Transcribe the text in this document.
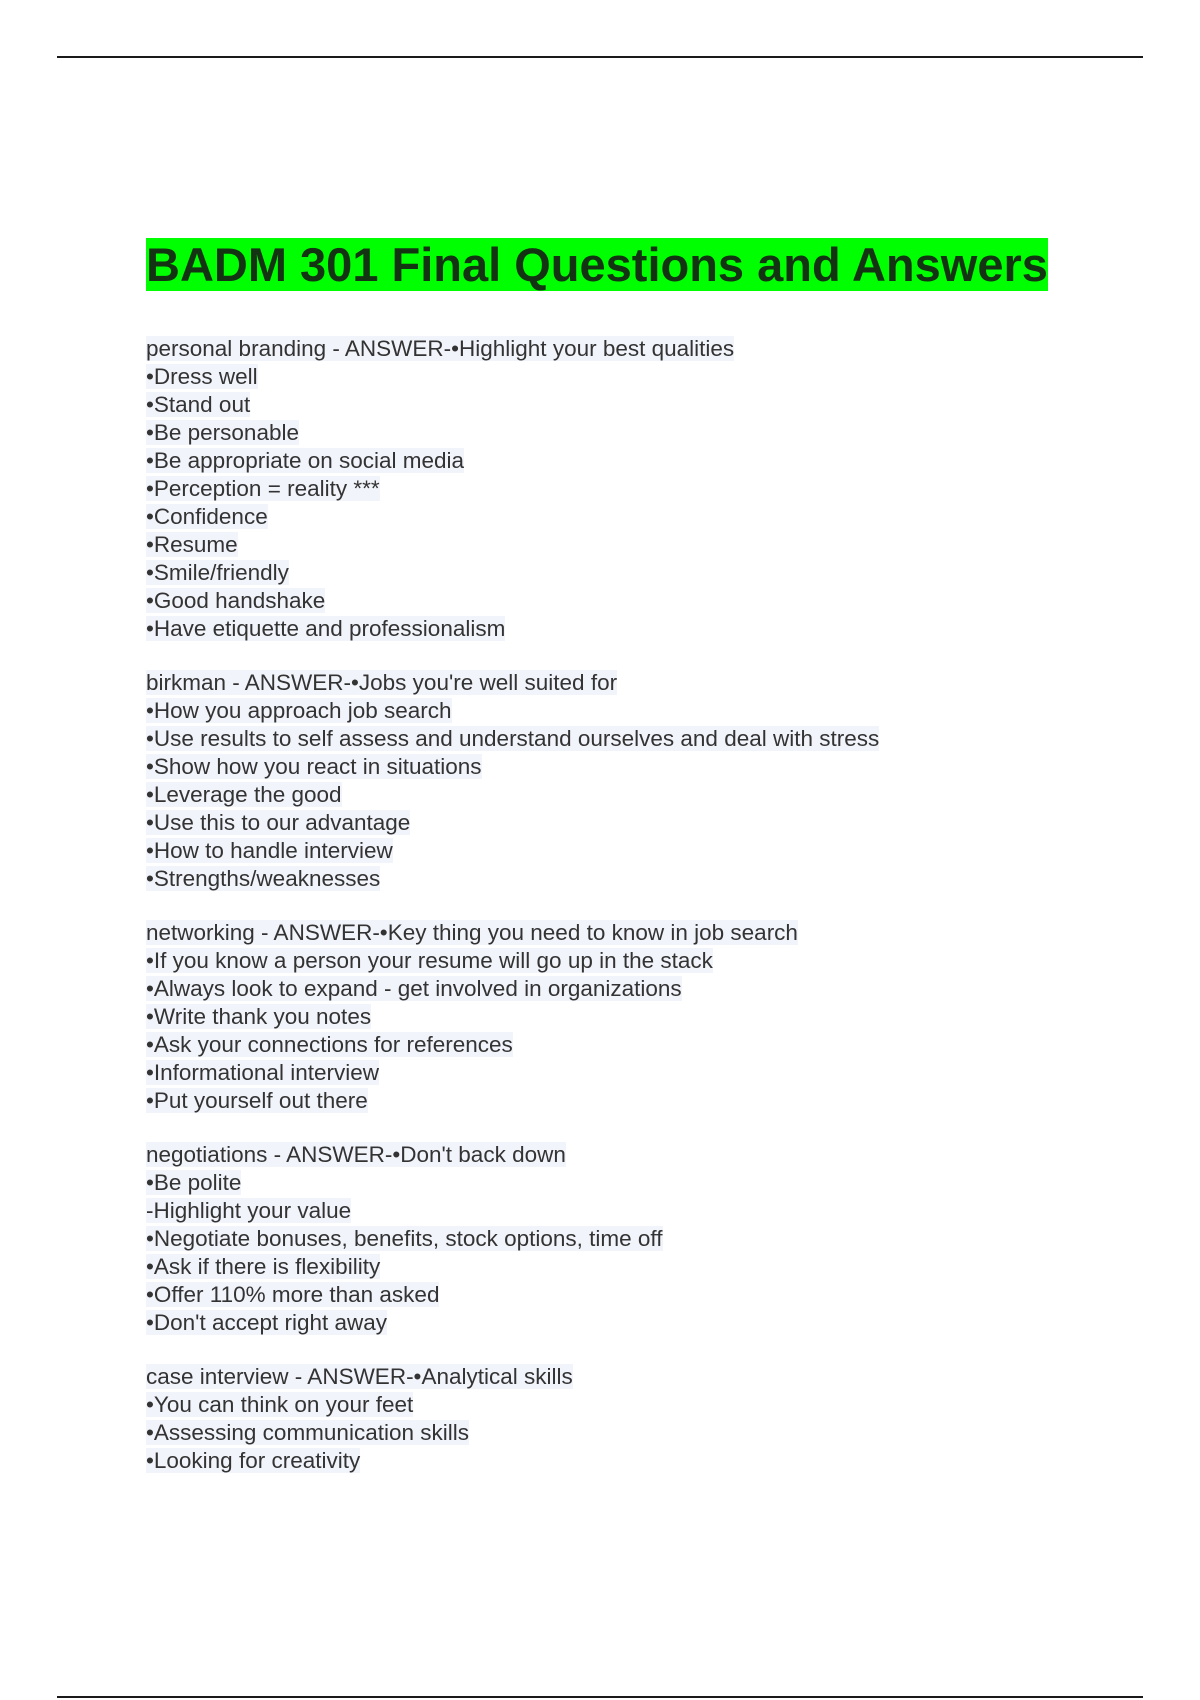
BADM 301 Final Questions and Answers
personal branding - ANSWER-•Highlight your best qualities
•Dress well
•Stand out
•Be personable
•Be appropriate on social media
•Perception = reality ***
•Confidence
•Resume
•Smile/friendly
•Good handshake
•Have etiquette and professionalism
birkman - ANSWER-•Jobs you're well suited for
•How you approach job search
•Use results to self assess and understand ourselves and deal with stress
•Show how you react in situations
•Leverage the good
•Use this to our advantage
•How to handle interview
•Strengths/weaknesses
networking - ANSWER-•Key thing you need to know in job search
•If you know a person your resume will go up in the stack
•Always look to expand - get involved in organizations
•Write thank you notes
•Ask your connections for references
•Informational interview
•Put yourself out there
negotiations - ANSWER-•Don't back down
•Be polite
-Highlight your value
•Negotiate bonuses, benefits, stock options, time off
•Ask if there is flexibility
•Offer 110% more than asked
•Don't accept right away
case interview - ANSWER-•Analytical skills
•You can think on your feet
•Assessing communication skills
•Looking for creativity
